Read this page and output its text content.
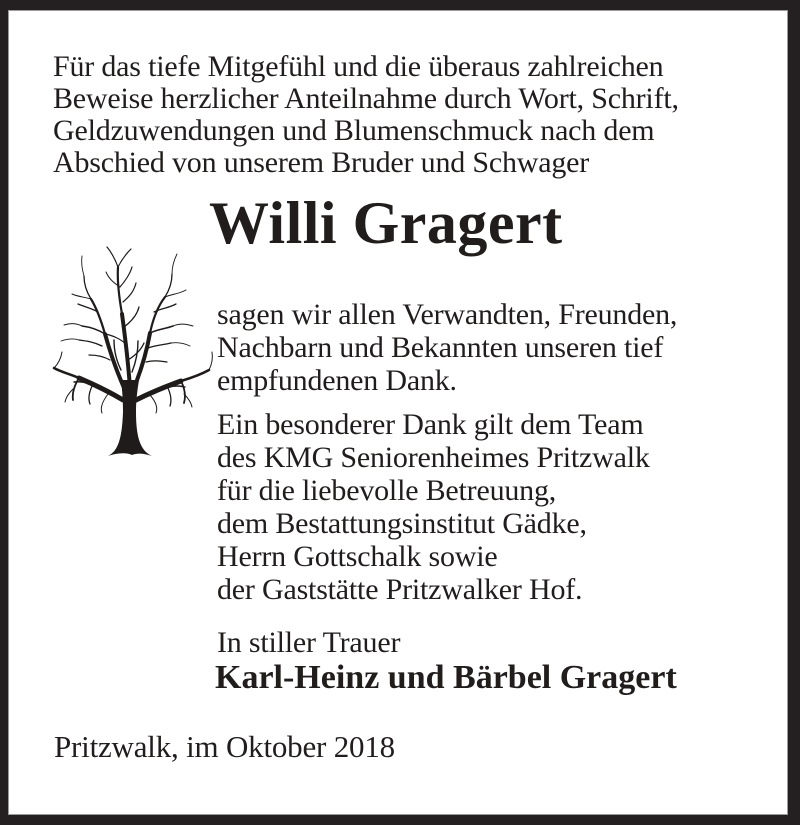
Für das tiefe Mitgefühl und die überaus zahlreichen
Beweise herzlicher Anteilnahme durch Wort, Schrift,
Geldzuwendungen und Blumenschmuck nach dem
Abschied von unserem Bruder und Schwager
Willi Gragert
sagen wir allen Verwandten, Freunden,
Nachbarn und Bekannten unseren tief
empfundenen Dank.
Ein besonderer Dank gilt dem Team
des KMG Seniorenheimes Pritzwalk
für die liebevolle Betreuung,
dem Bestattungsinstitut Gädke,
Herrn Gottschalk sowie
der Gaststätte Pritzwalker Hof.
In stiller Trauer
Karl-Heinz und Bärbel Gragert
Pritzwalk, im Oktober 2018
